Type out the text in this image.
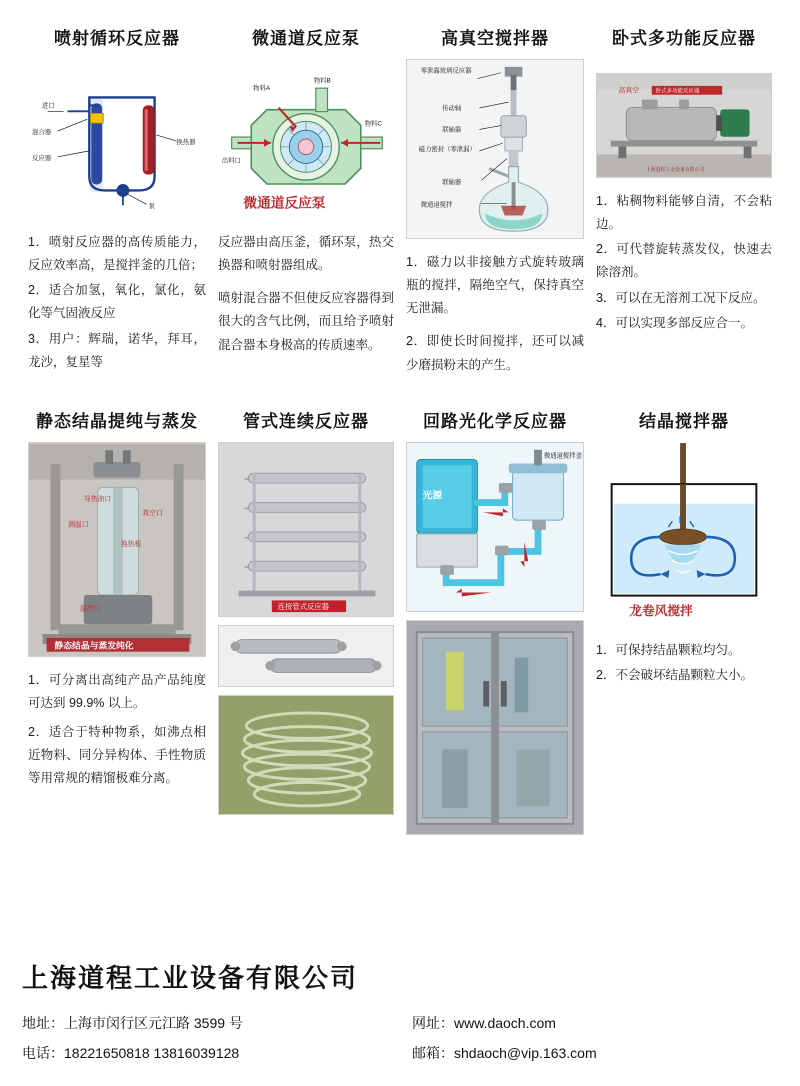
喷射循环反应器
进口
混合器
反应器
换热器
泵

1．喷射反应器的高传质能力，反应效率高，是搅拌釜的几倍；

2．适合加氢，氧化，氯化，氨化等气固液反应

3．用户：辉瑞，诺华，拜耳，龙沙，复星等

微通道反应泵
物料A
物料B
物料C
出料口
微通道反应泵

反应器由高压釜，循环泵，热交换器和喷射器组成。

喷射混合器不但使反应容器得到很大的含气比例，而且给予喷射混合器本身极高的传质速率。

高真空搅拌器
零泄露玻璃反应器
传动轴
联轴器
磁力密封（零泄漏）
联轴器
微通道搅拌

1．磁力以非接触方式旋转玻璃瓶的搅拌，隔绝空气，保持真空无泄漏。

2．即使长时间搅拌，还可以减少磨损粉末的产生。

卧式多功能反应器
卧式多功能反应器
高真空
上海道程工业设备有限公司

1．粘稠物料能够自清，不会粘边。

2．可代替旋转蒸发仪，快速去除溶剂。

3．可以在无溶剂工况下反应。

4．可以实现多部反应合一。

静态结晶提纯与蒸发
导热油口
真空口
测温口
换热板
温控口
静态结晶与蒸发纯化

1．可分离出高纯产品产品纯度可达到 99.9% 以上。

2．适合于特种物系，如沸点相近物料、同分异构体、手性物质等用常规的精馏极难分离。

管式连续反应器
连接管式反应器
回路光化学反应器
光源
微通道搅拌釜
结晶搅拌器
龙卷风搅拌

1．可保持结晶颗粒均匀。

2．不会破坏结晶颗粒大小。

上海道程工业设备有限公司
地址：上海市闵行区元江路 3599 号
电话：18221650818 13816039128
网址：www.daoch.com
邮箱：shdaoch@vip.163.com
